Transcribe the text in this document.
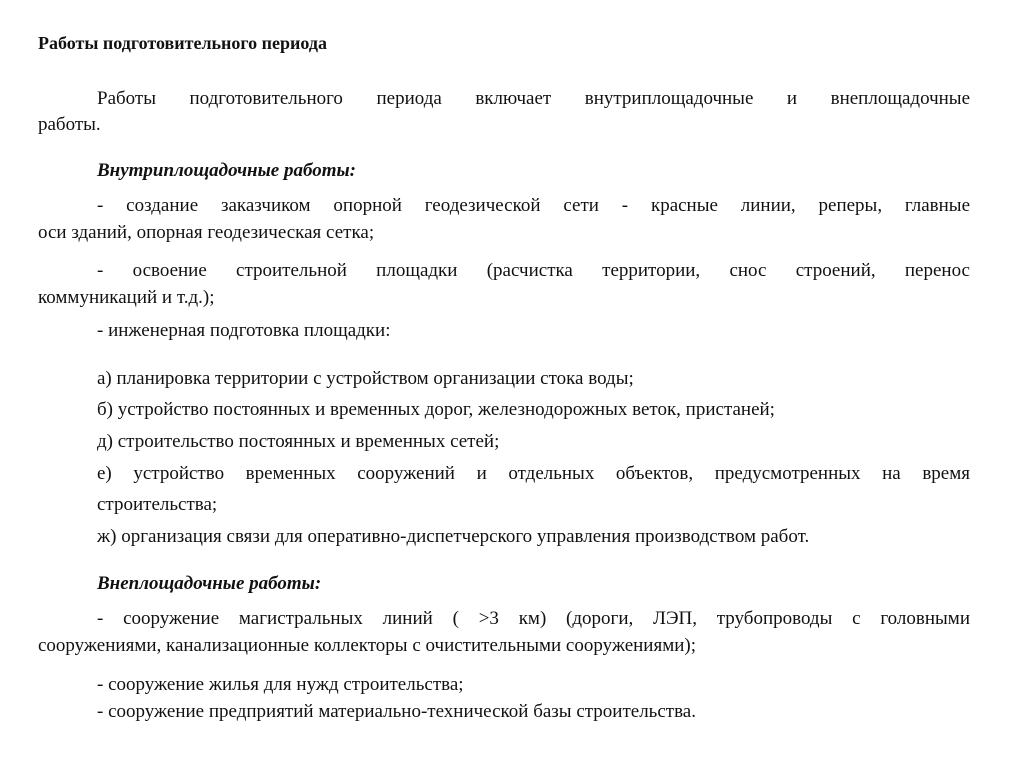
Работы подготовительного периода
Работы подготовительного периода включает внутриплощадочные и внеплощадочные
работы.
Внутриплощадочные работы:
- создание заказчиком опорной геодезической сети - красные линии, реперы, главные
оси зданий, опорная геодезическая сетка;
- освоение строительной площадки (расчистка территории, снос строений, перенос
коммуникаций и т.д.);
- инженерная подготовка площадки:
а) планировка территории с устройством организации стока воды;
б) устройство постоянных и временных дорог, железнодорожных веток, пристаней;
д) строительство постоянных и временных сетей;
е) устройство временных сооружений и отдельных объектов, предусмотренных на время
строительства;
ж) организация связи для оперативно-диспетчерского управления производством работ.
Внеплощадочные работы:
- сооружение магистральных линий ( >3 км) (дороги, ЛЭП, трубопроводы с головными
сооружениями, канализационные коллекторы с очистительными сооружениями);
- сооружение жилья для нужд строительства;
- сооружение предприятий материально-технической базы строительства.
